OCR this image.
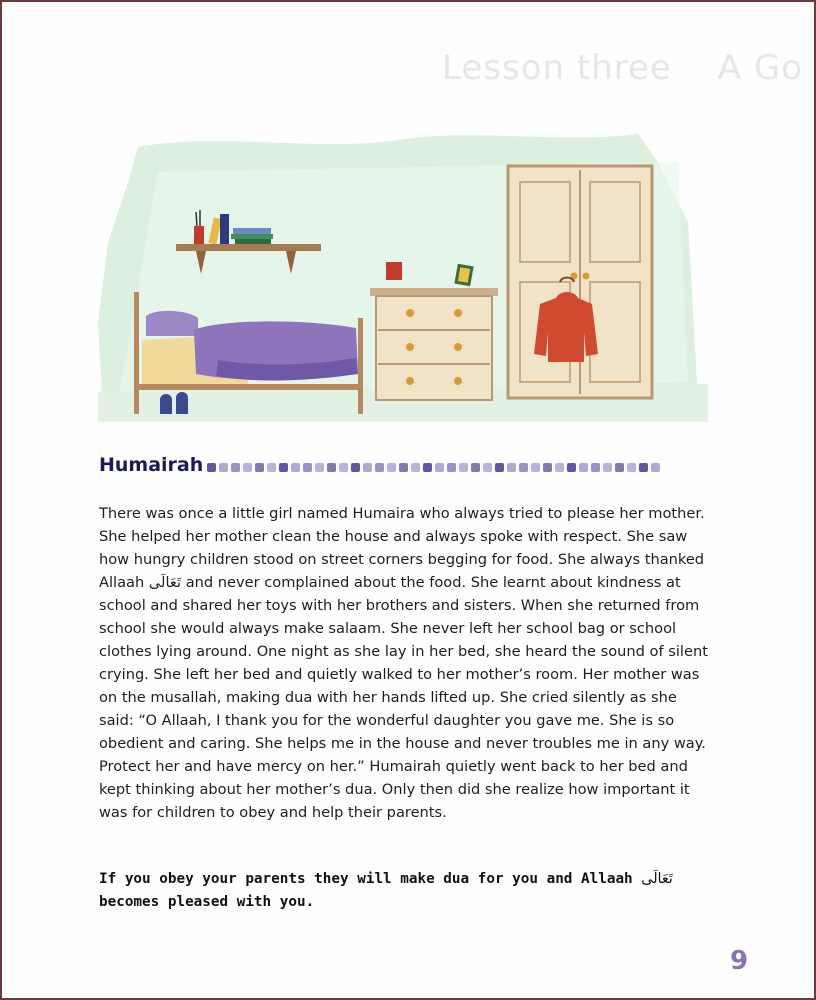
Lesson three A Go
Humairah

There was once a little girl named Humaira who always tried to please her mother. She helped her mother clean the house and always spoke with respect. She saw how hungry children stood on street corners begging for food. She always thanked Allaah تَعَالَى and never complained about the food. She learnt about kindness at school and shared her toys with her brothers and sisters. When she returned from school she would always make salaam. She never left her school bag or school clothes lying around. One night as she lay in her bed, she heard the sound of silent crying. She left her bed and quietly walked to her mother’s room. Her mother was on the musallah, making dua with her hands lifted up. She cried silently as she said: “O Allaah, I thank you for the wonderful daughter you gave me. She is so obedient and caring. She helps me in the house and never troubles me in any way. Protect her and have mercy on her.” Humairah quietly went back to her bed and kept thinking about her mother’s dua. Only then did she realize how important it was for children to obey and help their parents.

If you obey your parents they will make dua for you and Allaah تَعَالَى
becomes pleased with you.

9
